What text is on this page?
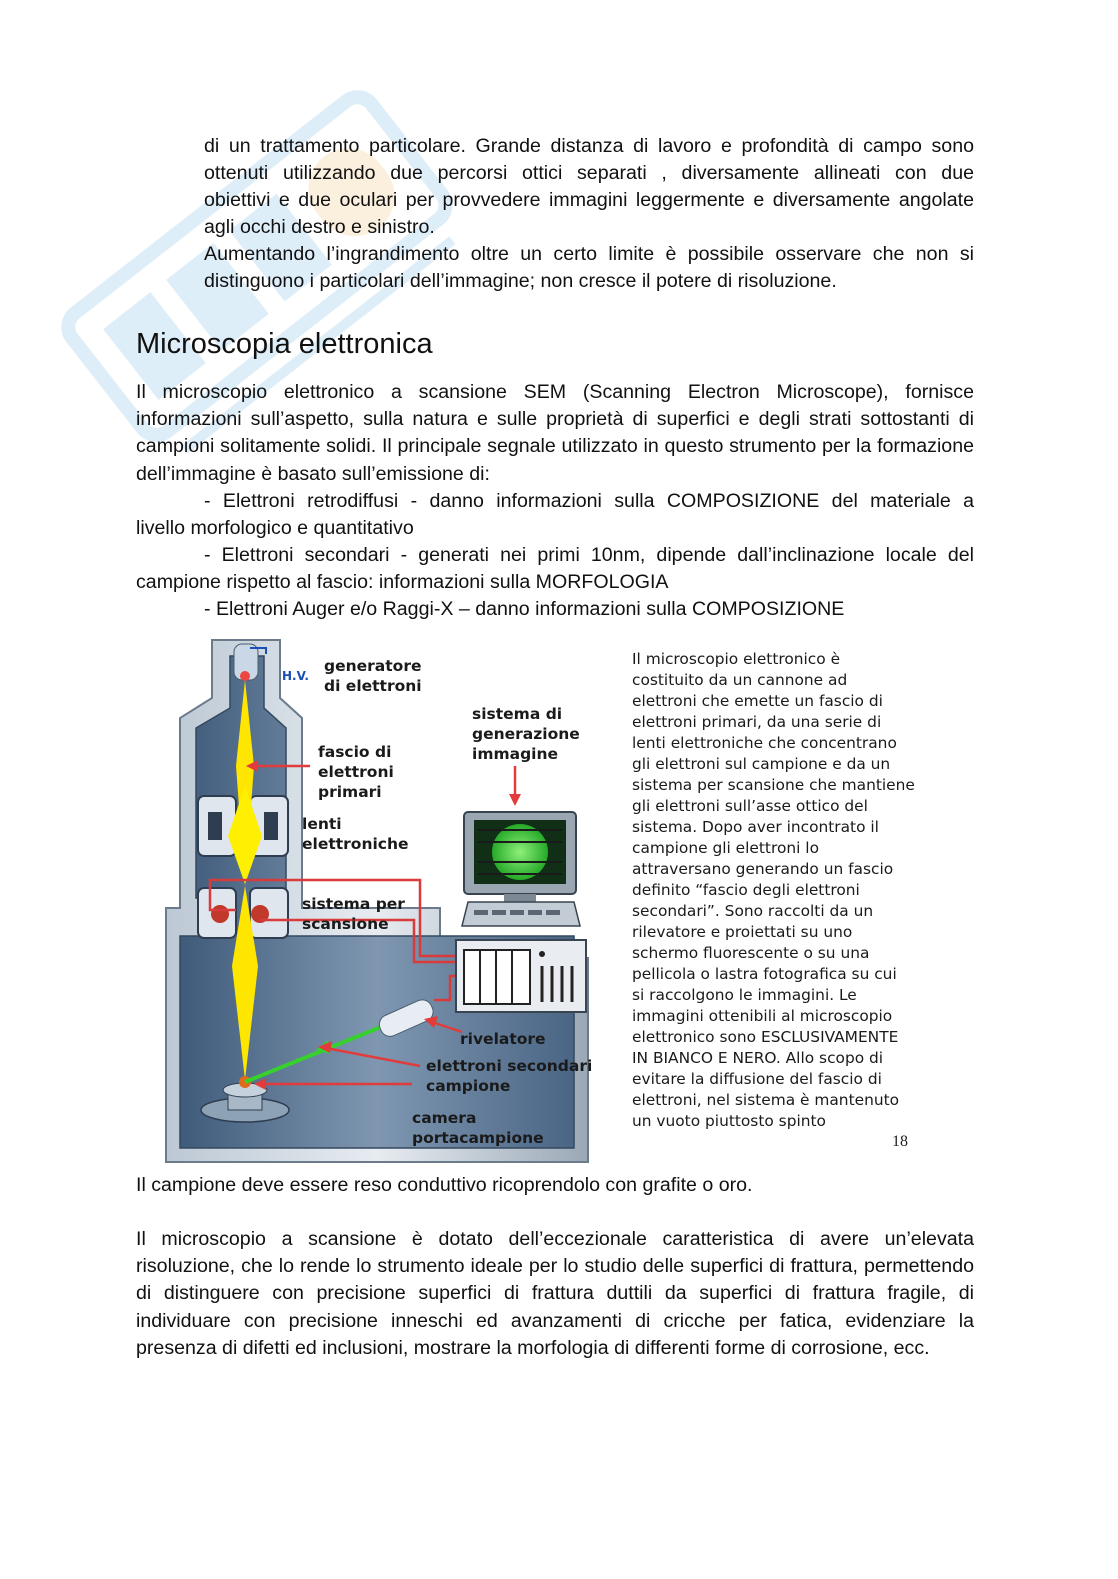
di un trattamento particolare. Grande distanza di lavoro e profondità di campo sono

ottenuti utilizzando due percorsi ottici separati , diversamente allineati con due

obiettivi e due oculari per provvedere immagini leggermente e diversamente angolate

agli occhi destro e sinistro.

Aumentando l’ingrandimento oltre un certo limite è possibile osservare che non si

distinguono i particolari dell’immagine; non cresce il potere di risoluzione.

Microscopia elettronica

Il microscopio elettronico a scansione SEM (Scanning Electron Microscope), fornisce informazioni sull’aspetto, sulla natura e sulle proprietà di superfici e degli strati sottostanti di campioni solitamente solidi. Il principale segnale utilizzato in questo strumento per la formazione dell’immagine è basato sull’emissione di:

- Elettroni retrodiffusi - danno informazioni sulla COMPOSIZIONE del materiale a

livello morfologico e quantitativo

- Elettroni secondari - generati nei primi 10nm, dipende dall’inclinazione locale del

campione rispetto al fascio: informazioni sulla MORFOLOGIA

- Elettroni Auger e/o Raggi-X – danno informazioni sulla COMPOSIZIONE

H.V.
generatore
di elettroni
fascio di
elettroni
primari
lenti
elettroniche
sistema per
scansione
sistema di
generazione
immagine
rivelatore
elettroni secondari
campione
camera
portacampione
Il microscopio elettronico è
costituito da un cannone ad
elettroni che emette un fascio di
elettroni primari, da una serie di
lenti elettroniche che concentrano
gli elettroni sul campione e da un
sistema per scansione che mantiene
gli elettroni sull’asse ottico del
sistema. Dopo aver incontrato il
campione gli elettroni lo
attraversano generando un fascio
definito “fascio degli elettroni
secondari”. Sono raccolti da un
rilevatore e proiettati su uno
schermo fluorescente o su una
pellicola o lastra fotografica su cui
si raccolgono le immagini. Le
immagini ottenibili al microscopio
elettronico sono ESCLUSIVAMENTE
IN BIANCO E NERO. Allo scopo di
evitare la diffusione del fascio di
elettroni, nel sistema è mantenuto
un vuoto piuttosto spinto
18

Il campione deve essere reso conduttivo ricoprendolo con grafite o oro.

Il microscopio a scansione è dotato dell’eccezionale caratteristica di avere un’elevata risoluzione, che lo rende lo strumento ideale per lo studio delle superfici di frattura, permettendo di distinguere con precisione superfici di frattura duttili da superfici di frattura fragile, di individuare con precisione inneschi ed avanzamenti di cricche per fatica, evidenziare la presenza di difetti ed inclusioni, mostrare la morfologia di differenti forme di corrosione, ecc.
